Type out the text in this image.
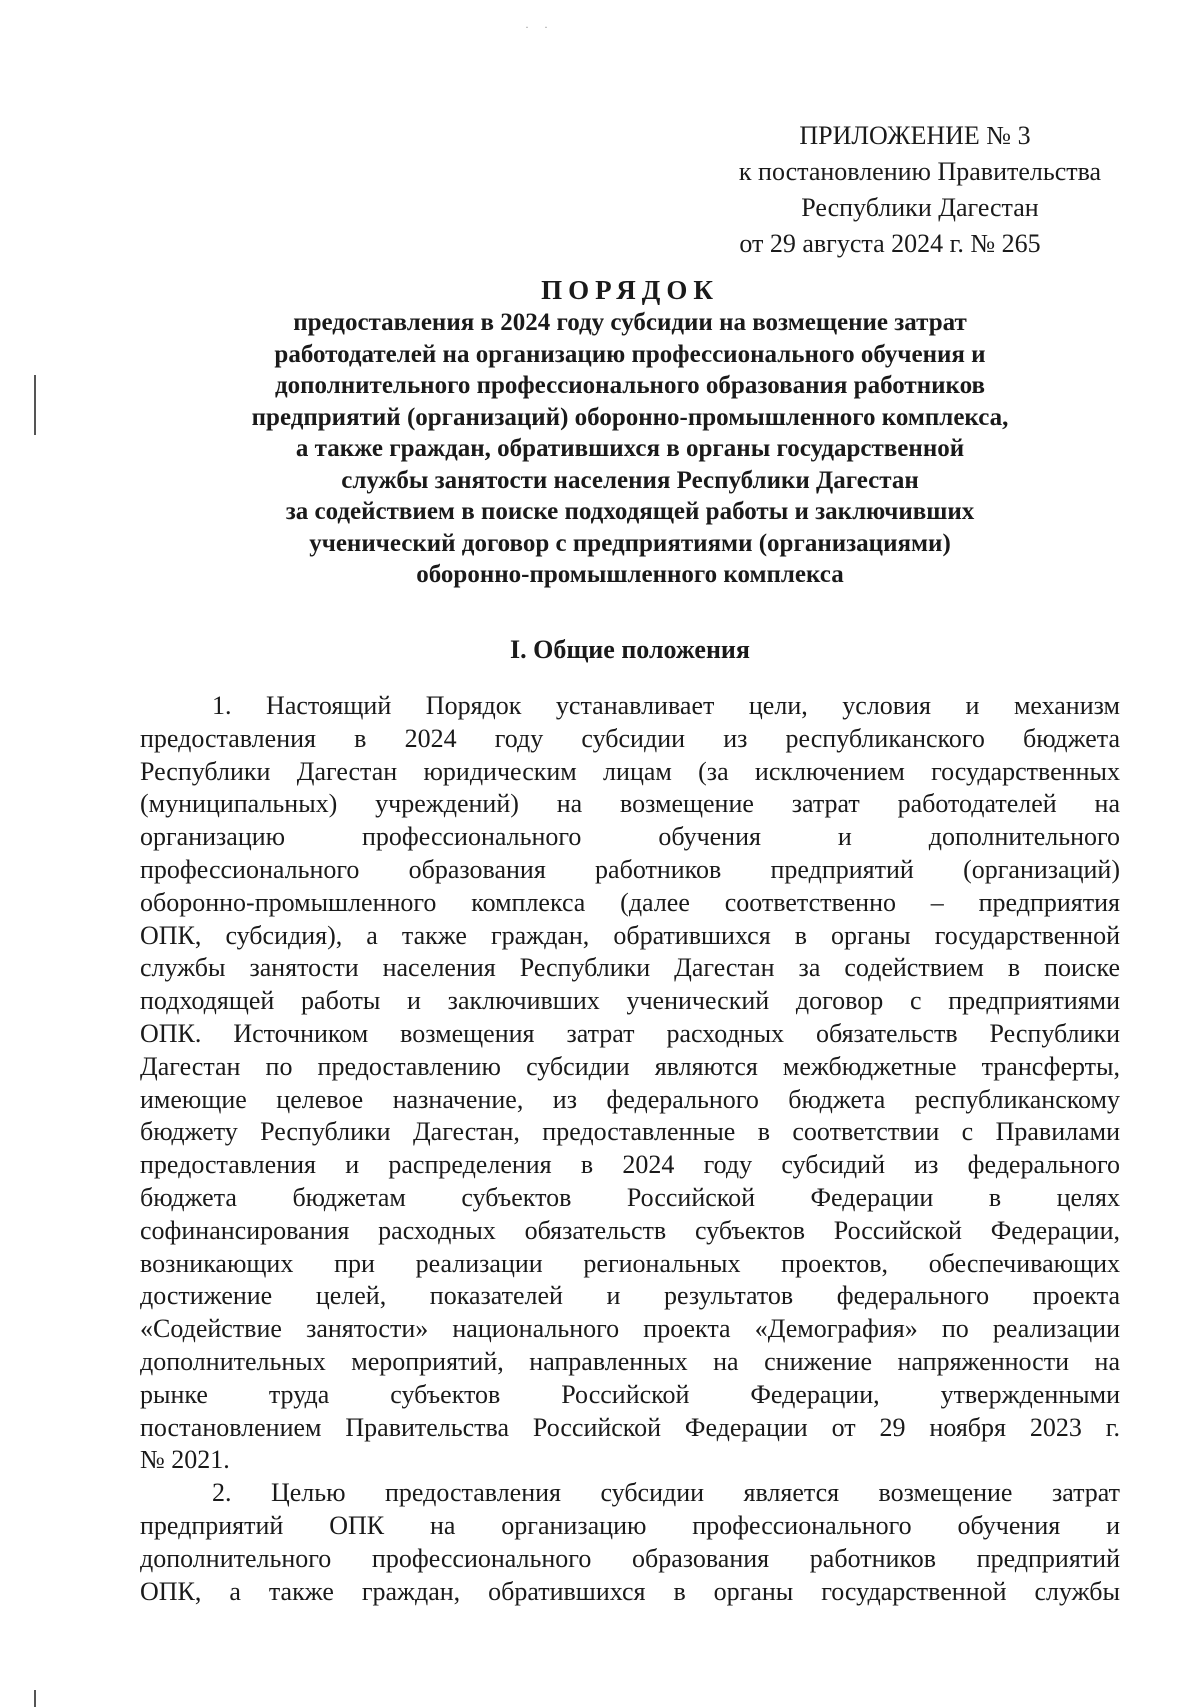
· ·
ПРИЛОЖЕНИЕ № 3
к постановлению Правительства
Республики Дагестан
от 29 августа 2024 г. № 265
ПОРЯДОК
предоставления в 2024 году субсидии на возмещение затрат
работодателей на организацию профессионального обучения и
дополнительного профессионального образования работников
предприятий (организаций) оборонно-промышленного комплекса,
а также граждан, обратившихся в органы государственной
службы занятости населения Республики Дагестан
за содействием в поиске подходящей работы и заключивших
ученический договор с предприятиями (организациями)
оборонно-промышленного комплекса
I. Общие положения
1. Настоящий Порядок устанавливает цели, условия и механизм
предоставления в 2024 году субсидии из республиканского бюджета
Республики Дагестан юридическим лицам (за исключением государственных
(муниципальных) учреждений) на возмещение затрат работодателей на
организацию профессионального обучения и дополнительного
профессионального образования работников предприятий (организаций)
оборонно-промышленного комплекса (далее соответственно – предприятия
ОПК, субсидия), а также граждан, обратившихся в органы государственной
службы занятости населения Республики Дагестан за содействием в поиске
подходящей работы и заключивших ученический договор с предприятиями
ОПК. Источником возмещения затрат расходных обязательств Республики
Дагестан по предоставлению субсидии являются межбюджетные трансферты,
имеющие целевое назначение, из федерального бюджета республиканскому
бюджету Республики Дагестан, предоставленные в соответствии с Правилами
предоставления и распределения в 2024 году субсидий из федерального
бюджета бюджетам субъектов Российской Федерации в целях
софинансирования расходных обязательств субъектов Российской Федерации,
возникающих при реализации региональных проектов, обеспечивающих
достижение целей, показателей и результатов федерального проекта
«Содействие занятости» национального проекта «Демография» по реализации
дополнительных мероприятий, направленных на снижение напряженности на
рынке труда субъектов Российской Федерации, утвержденными
постановлением Правительства Российской Федерации от 29 ноября 2023 г.
№ 2021.
2. Целью предоставления субсидии является возмещение затрат
предприятий ОПК на организацию профессионального обучения и
дополнительного профессионального образования работников предприятий
ОПК, а также граждан, обратившихся в органы государственной службы
